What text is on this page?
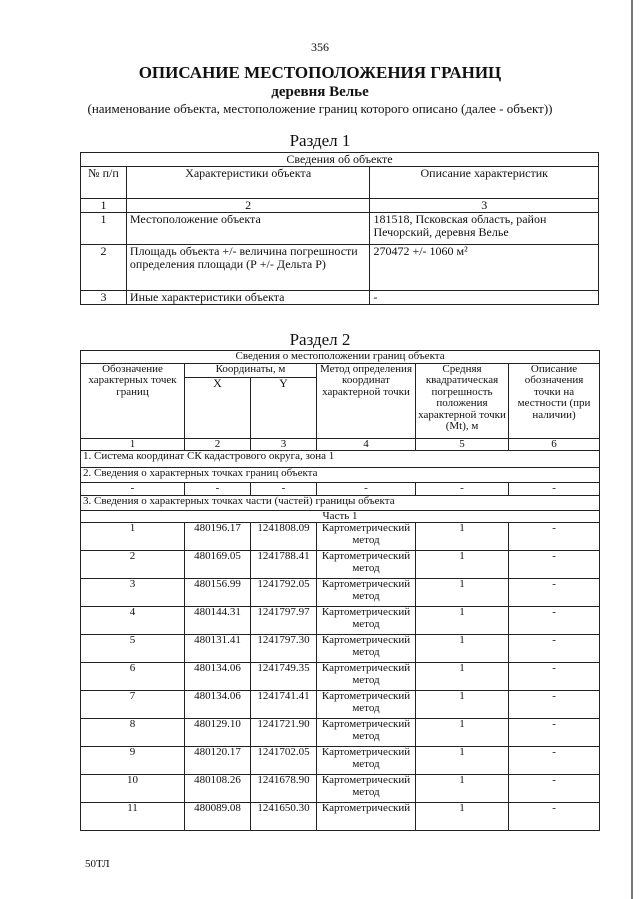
356
ОПИСАНИЕ МЕСТОПОЛОЖЕНИЯ ГРАНИЦ
деревня Велье
(наименование объекта, местоположение границ которого описано (далее - объект))
Раздел 1
Сведения об объекте		
№ п/п	Характеристики объекта	Описание характеристик
1	2	3
1	Местоположение объекта	181518, Псковская область, район Печорский, деревня Велье
2	Площадь объекта +/- величина погрешности определения площади (Р +/- Дельта Р)	270472 +/- 1060 м²
3	Иные характеристики объекта	-
Раздел 2
Сведения о местоположении границ объекта					
Обозначение характерных точек границ	Координаты, м		Метод определения координат характерной точки	Средняя квадратическая погрешность положения характерной точки (Mt), м	Описание обозначения точки на местности (при наличии)
	X	Y			
1	2	3	4	5	6
1. Система координат СК кадастрового округа, зона 1					
2. Сведения о характерных точках границ объекта					
-	-	-	-	-	-
3. Сведения о характерных точках части (частей) границы объекта					
Часть 1					
1	480196.17	1241808.09	Картометрический метод	1	-
2	480169.05	1241788.41	Картометрический метод	1	-
3	480156.99	1241792.05	Картометрический метод	1	-
4	480144.31	1241797.97	Картометрический метод	1	-
5	480131.41	1241797.30	Картометрический метод	1	-
6	480134.06	1241749.35	Картометрический метод	1	-
7	480134.06	1241741.41	Картометрический метод	1	-
8	480129.10	1241721.90	Картометрический метод	1	-
9	480120.17	1241702.05	Картометрический метод	1	-
10	480108.26	1241678.90	Картометрический метод	1	-
11	480089.08	1241650.30	Картометрический	1	-
50ТЛ
